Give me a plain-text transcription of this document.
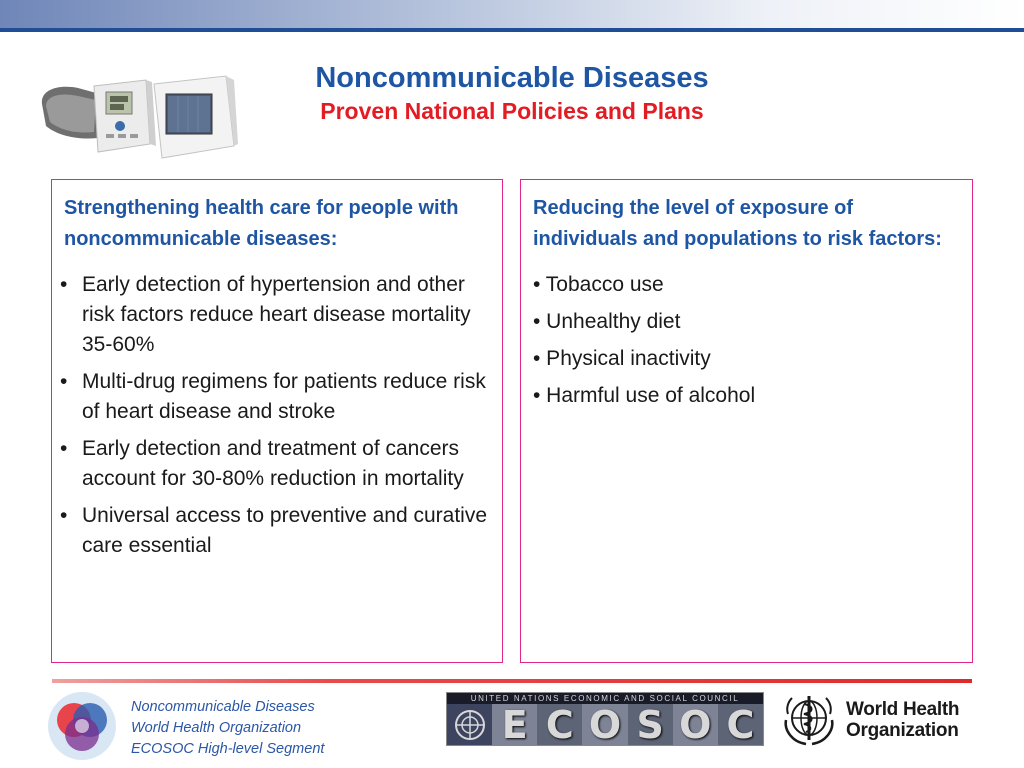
Noncommunicable Diseases
Proven National Policies and Plans
Strengthening health care for people with noncommunicable diseases:
• Early detection of hypertension and other risk factors reduce heart disease mortality 35-60%
• Multi-drug regimens for patients reduce risk of heart disease and stroke
• Early detection and treatment of cancers account for 30-80% reduction in mortality
• Universal access to preventive and curative care essential
Reducing the level of exposure of individuals and populations to risk factors:
• Tobacco use
• Unhealthy diet
• Physical inactivity
• Harmful use of alcohol
Noncommunicable Diseases
World Health Organization
ECOSOC High-level Segment
UNITED NATIONS ECONOMIC AND SOCIAL COUNCIL
E C O S O C	World Health
Organization
